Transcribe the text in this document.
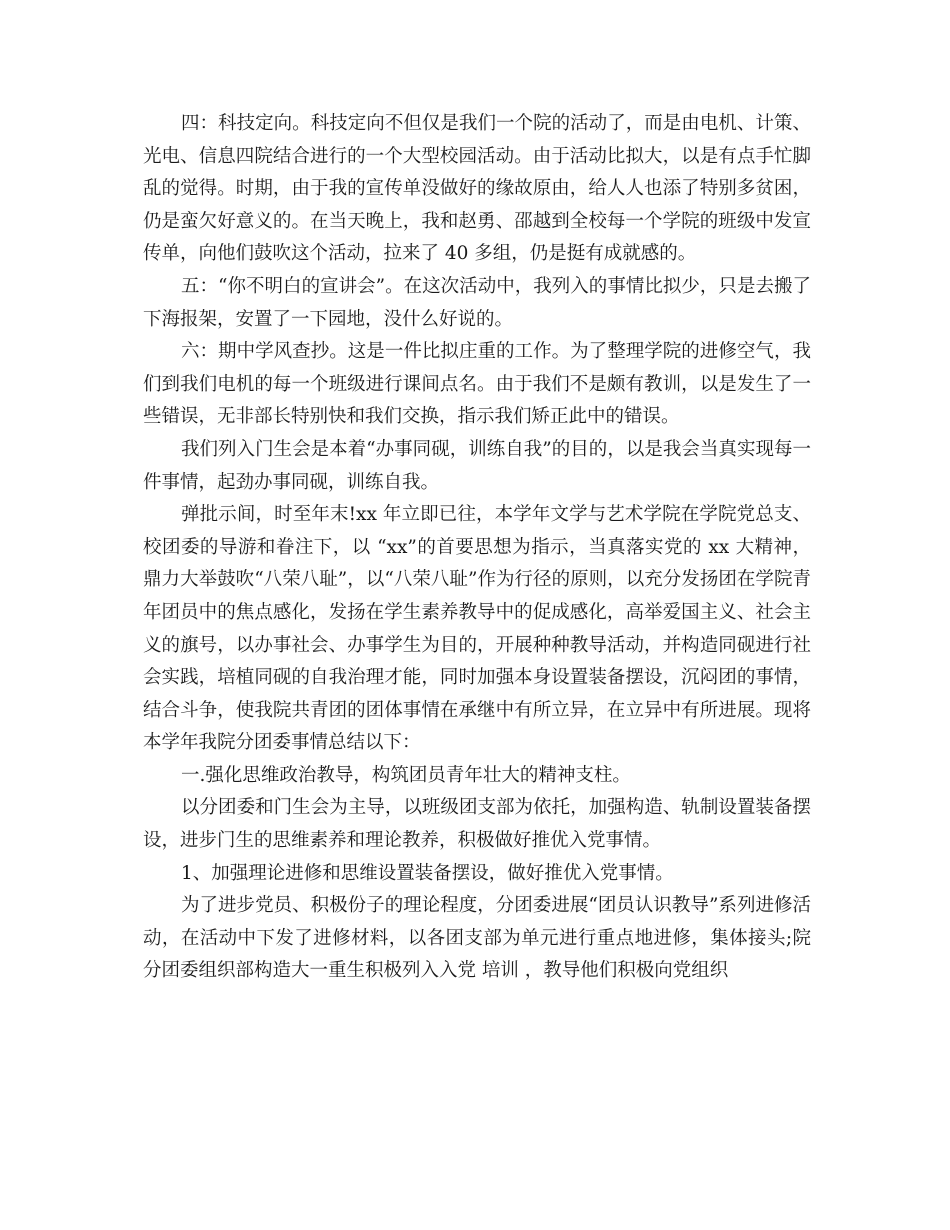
四：科技定向。科技定向不但仅是我们一个院的活动了，而是由电机、计策、光电、信息四院结合进行的一个大型校园活动。由于活动比拟大，以是有点手忙脚乱的觉得。时期，由于我的宣传单没做好的缘故原由，给人人也添了特别多贫困，仍是蛮欠好意义的。在当天晚上，我和赵勇、邵越到全校每一个学院的班级中发宣传单，向他们鼓吹这个活动，拉来了 40 多组，仍是挺有成就感的。

五：“你不明白的宣讲会”。在这次活动中，我列入的事情比拟少，只是去搬了下海报架，安置了一下园地，没什么好说的。

六：期中学风查抄。这是一件比拟庄重的工作。为了整理学院的进修空气，我们到我们电机的每一个班级进行课间点名。由于我们不是颇有教训，以是发生了一些错误，无非部长特别快和我们交换，指示我们矫正此中的错误。

我们列入门生会是本着“办事同砚，训练自我”的目的，以是我会当真实现每一件事情，起劲办事同砚，训练自我。

弹批示间，时至年末!xx 年立即已往，本学年文学与艺术学院在学院党总支、校团委的导游和眷注下，以 “xx”的首要思想为指示，当真落实党的 xx 大精神，鼎力大举鼓吹“八荣八耻”，以“八荣八耻”作为行径的原则，以充分发扬团在学院青年团员中的焦点感化，发扬在学生素养教导中的促成感化，高举爱国主义、社会主义的旗号，以办事社会、办事学生为目的，开展种种教导活动，并构造同砚进行社会实践，培植同砚的自我治理才能，同时加强本身设置装备摆设，沉闷团的事情，结合斗争，使我院共青团的团体事情在承继中有所立异，在立异中有所进展。现将本学年我院分团委事情总结以下：

一.强化思维政治教导，构筑团员青年壮大的精神支柱。

以分团委和门生会为主导，以班级团支部为依托，加强构造、轨制设置装备摆设，进步门生的思维素养和理论教养，积极做好推优入党事情。

1、加强理论进修和思维设置装备摆设，做好推优入党事情。

为了进步党员、积极份子的理论程度，分团委进展“团员认识教导”系列进修活动，在活动中下发了进修材料，以各团支部为单元进行重点地进修，集体接头;院分团委组织部构造大一重生积极列入入党 培训 ，教导他们积极向党组织
